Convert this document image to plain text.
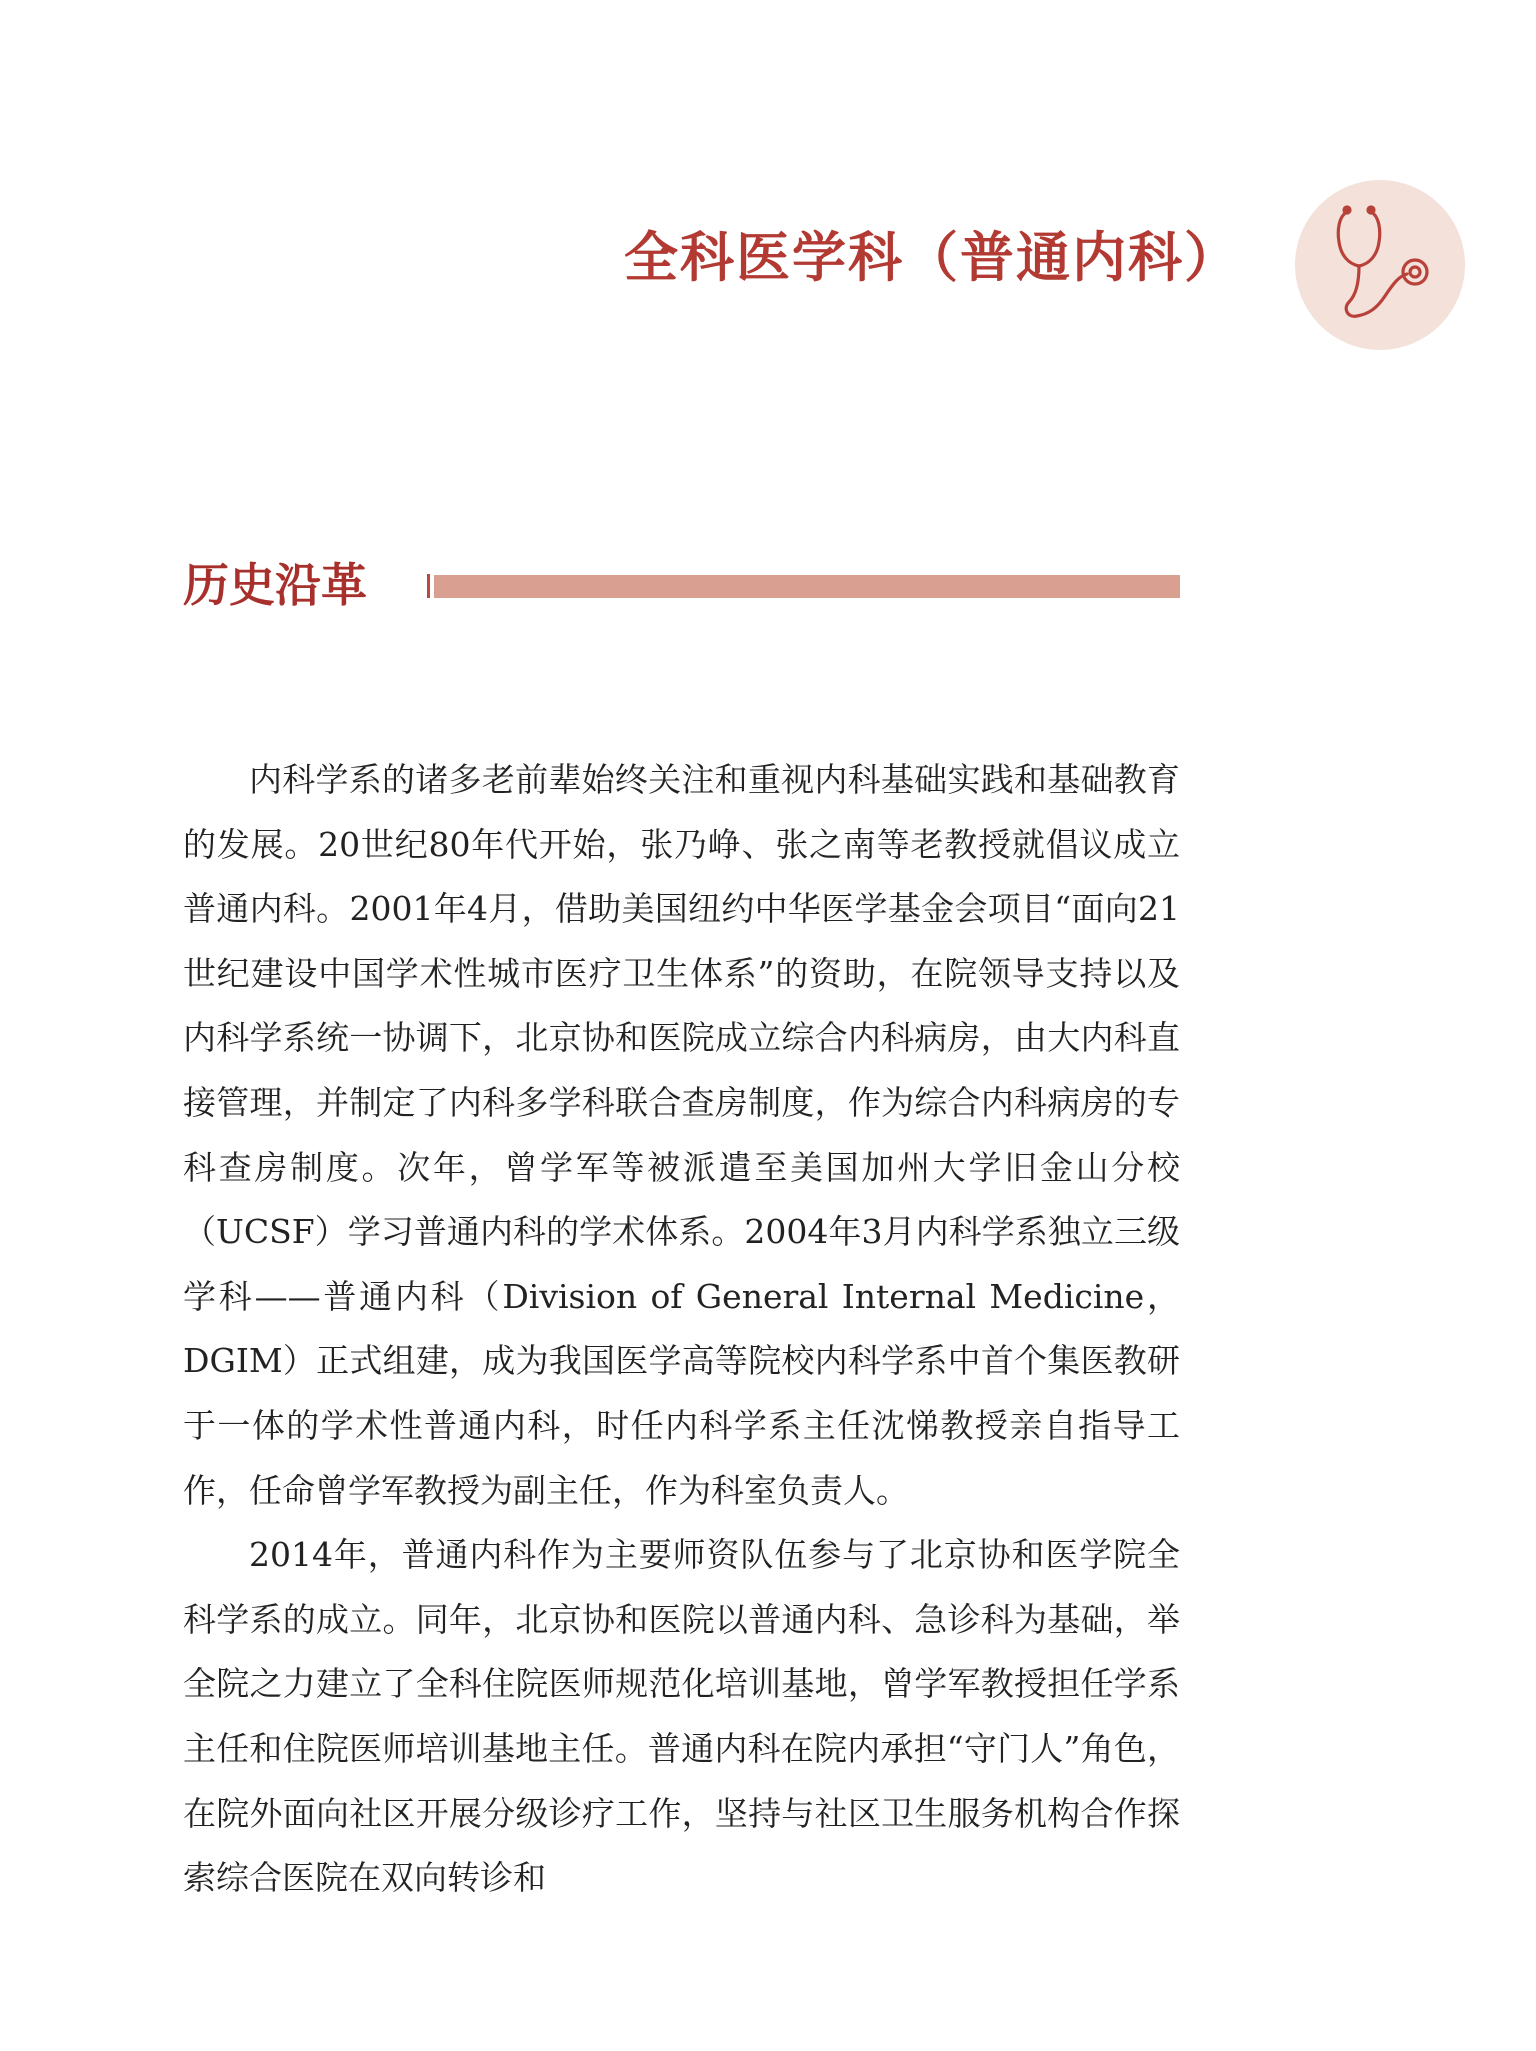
全科医学科（普通内科）
历史沿革

内科学系的诸多老前辈始终关注和重视内科基础实践和基础教育的发展。20世纪80年代开始，张乃峥、张之南等老教授就倡议成立普通内科。2001年4月，借助美国纽约中华医学基金会项目“面向21世纪建设中国学术性城市医疗卫生体系”的资助，在院领导支持以及内科学系统一协调下，北京协和医院成立综合内科病房，由大内科直接管理，并制定了内科多学科联合查房制度，作为综合内科病房的专科查房制度。次年，曾学军等被派遣至美国加州大学旧金山分校（UCSF）学习普通内科的学术体系。2004年3月内科学系独立三级学科——普通内科（Division of General Internal Medicine，DGIM）正式组建，成为我国医学高等院校内科学系中首个集医教研于一体的学术性普通内科，时任内科学系主任沈悌教授亲自指导工作，任命曾学军教授为副主任，作为科室负责人。

2014年，普通内科作为主要师资队伍参与了北京协和医学院全科学系的成立。同年，北京协和医院以普通内科、急诊科为基础，举全院之力建立了全科住院医师规范化培训基地，曾学军教授担任学系主任和住院医师培训基地主任。普通内科在院内承担“守门人”角色，在院外面向社区开展分级诊疗工作，坚持与社区卫生服务机构合作探索综合医院在双向转诊和
